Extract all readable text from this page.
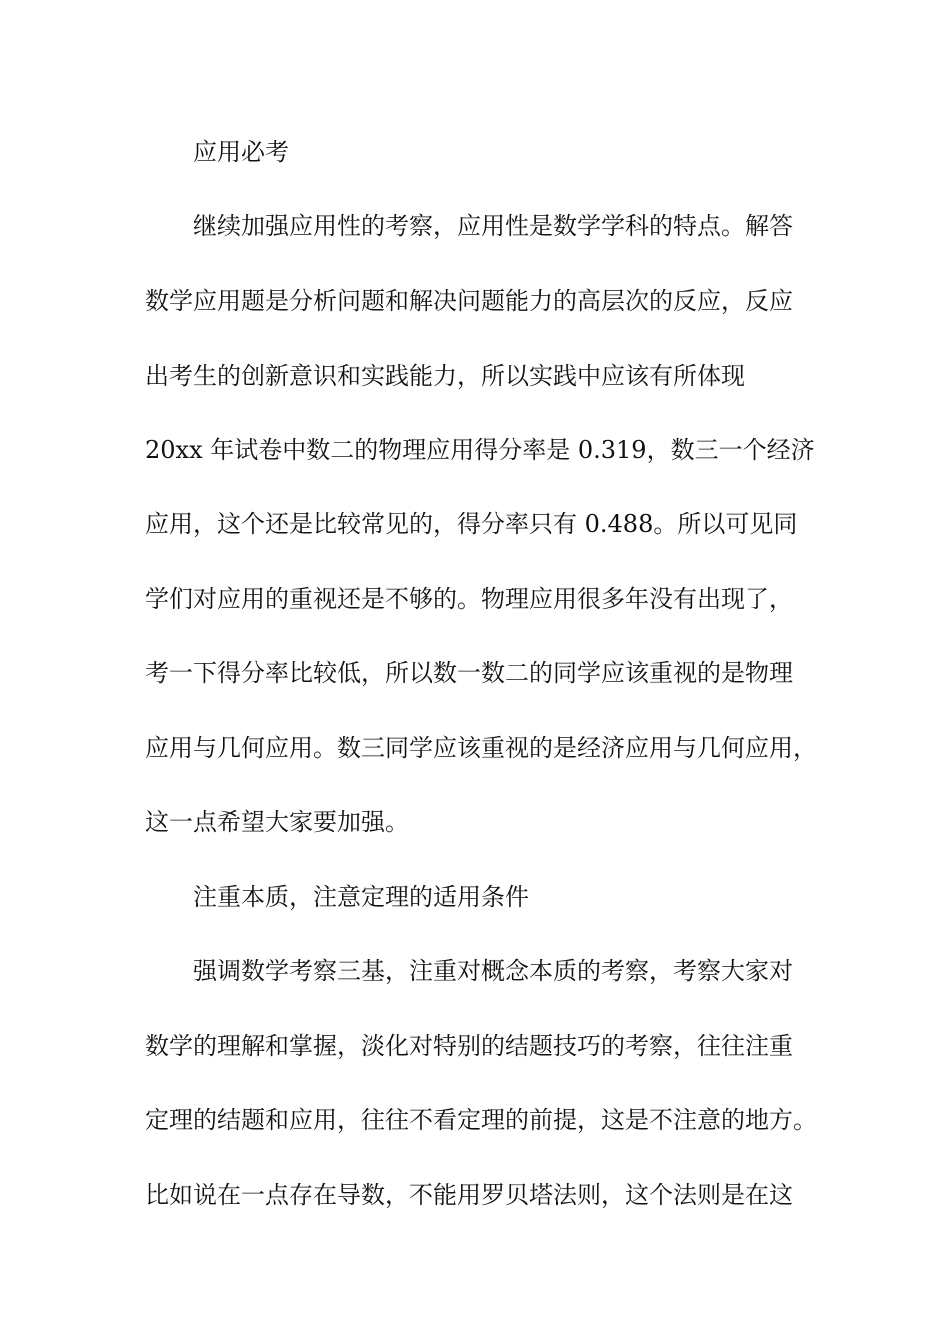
应用必考
继续加强应用性的考察，应用性是数学学科的特点。解答
数学应用题是分析问题和解决问题能力的高层次的反应，反应
出考生的创新意识和实践能力，所以实践中应该有所体现
20xx 年试卷中数二的物理应用得分率是 0.319，数三一个经济
应用，这个还是比较常见的，得分率只有 0.488。所以可见同
学们对应用的重视还是不够的。物理应用很多年没有出现了，
考一下得分率比较低，所以数一数二的同学应该重视的是物理
应用与几何应用。数三同学应该重视的是经济应用与几何应用，
这一点希望大家要加强。
注重本质，注意定理的适用条件
强调数学考察三基，注重对概念本质的考察，考察大家对
数学的理解和掌握，淡化对特别的结题技巧的考察，往往注重
定理的结题和应用，往往不看定理的前提，这是不注意的地方。
比如说在一点存在导数，不能用罗贝塔法则，这个法则是在这
